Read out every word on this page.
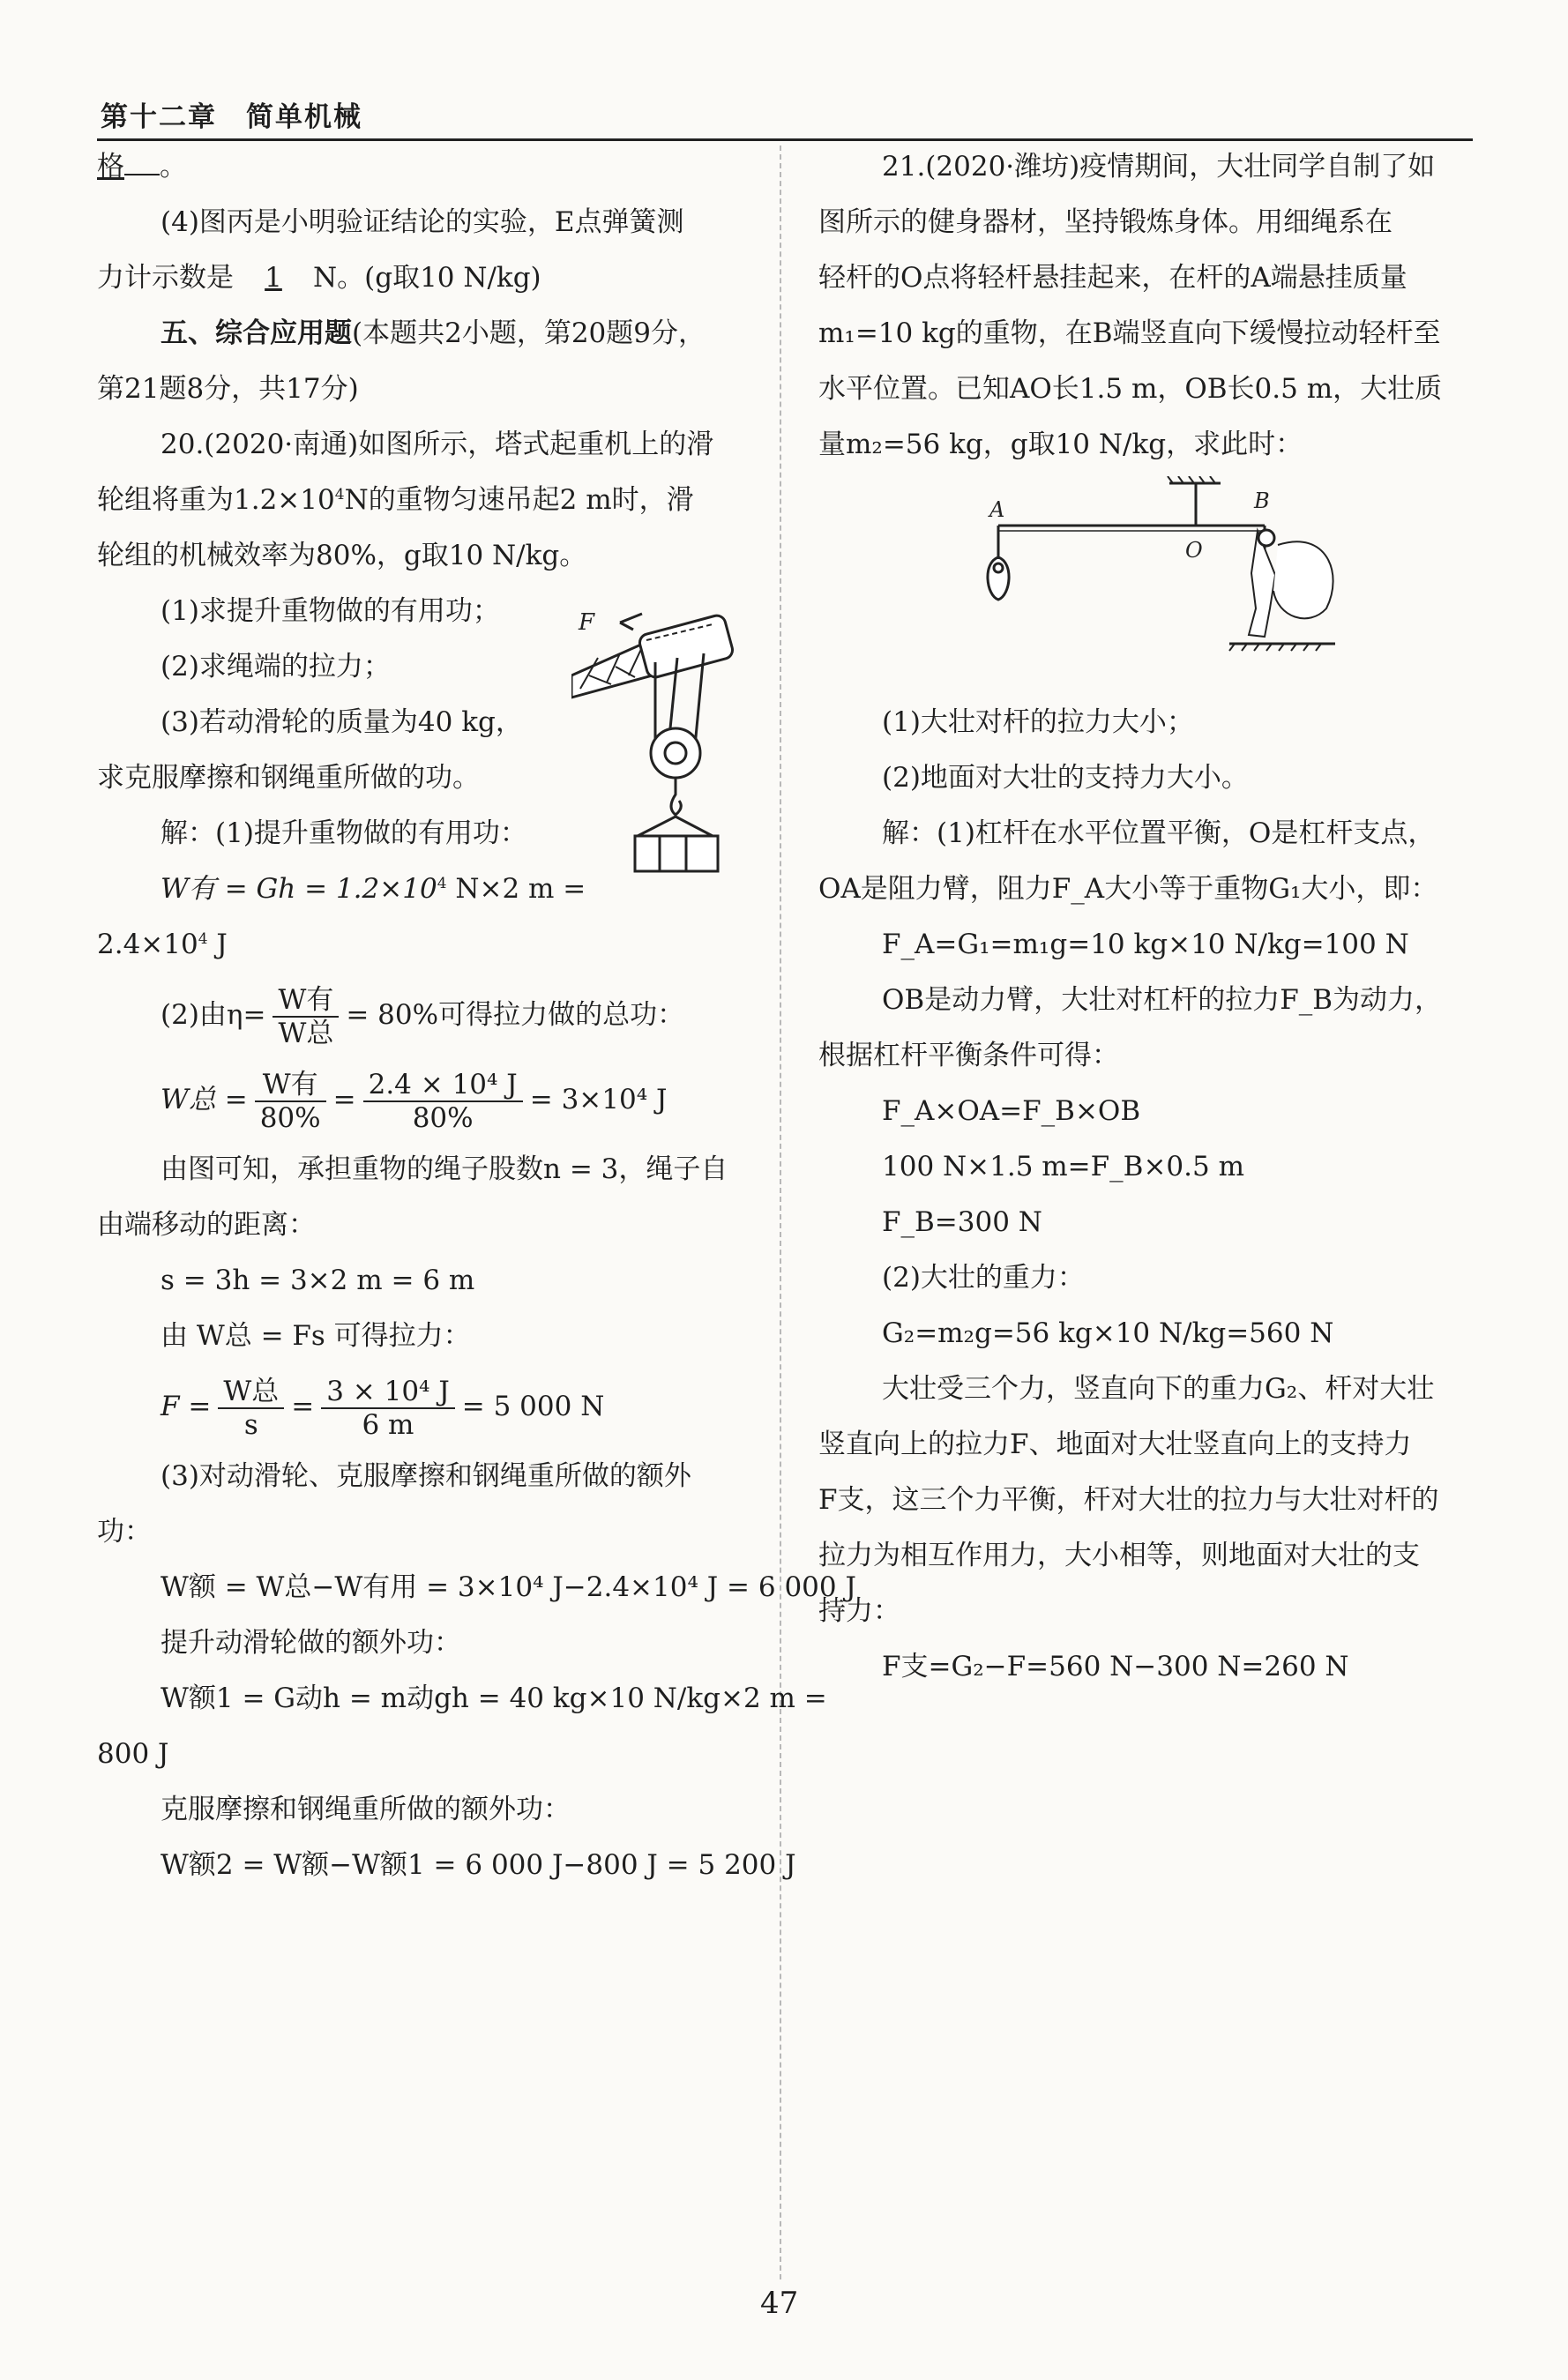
第十二章　简单机械

格 。

(4)图丙是小明验证结论的实验，E点弹簧测

力计示数是 1 N。(g取10 N/kg)

五、综合应用题(本题共2小题，第20题9分，

第21题8分，共17分)

20.(2020·南通)如图所示，塔式起重机上的滑

轮组将重为$1.2\times 10^4N$的重物匀速吊起2 m时，滑

轮组的机械效率为80%，g取10 N/kg。

(1)求提升重物做的有用功；

(2)求绳端的拉力；

(3)若动滑轮的质量为40 kg，

求克服摩擦和钢绳重所做的功。

解：(1)提升重物做的有用功：

W有 = $Gh = 1.2\times 10^4$ N×2 m =

$2.4\times 10^4$ J

(2)由$\eta= \frac{\text{W有}}{\text{W总}} = 80\%$可得拉力做的总功：

W总 = $\frac{\text{W有}}{80\%} = \frac{\text{2.4 × 10⁴ J}}{80\%} = 3\times 10^4$ J

由图可知，承担重物的绳子股数n = 3，绳子自

由端移动的距离：

s = 3h = 3×2 m = 6 m

由 W总 = Fs 可得拉力：

$F = \frac{\text{W总}}{s} = \frac{\text{3 × 10⁴ J}}{6 m} = 5$ 000 N

(3)对动滑轮、克服摩擦和钢绳重所做的额外

功：

W额 = W总−W有用 = 3×10⁴ J−2.4×10⁴ J = 6 000 J

提升动滑轮做的额外功：

W额1 = G动h = m动gh = 40 kg×10 N/kg×2 m =

800 J

克服摩擦和钢绳重所做的额外功：

W额2 = W额−W额1 = 6 000 J−800 J = 5 200 J

F

21.(2020·潍坊)疫情期间，大壮同学自制了如

图所示的健身器材，坚持锻炼身体。用细绳系在

轻杆的O点将轻杆悬挂起来，在杆的A端悬挂质量

m₁=10 kg的重物，在B端竖直向下缓慢拉动轻杆至

水平位置。已知AO长1.5 m，OB长0.5 m，大壮质

量m₂=56 kg，g取10 N/kg，求此时：

(1)大壮对杆的拉力大小；

(2)地面对大壮的支持力大小。

解：(1)杠杆在水平位置平衡，O是杠杆支点，

OA是阻力臂，阻力F_A大小等于重物G₁大小，即：

F_A=G₁=m₁g=10 kg×10 N/kg=100 N

OB是动力臂，大壮对杠杆的拉力F_B为动力，

根据杠杆平衡条件可得：

F_A×OA=F_B×OB

100 N×1.5 m=F_B×0.5 m

F_B=300 N

(2)大壮的重力：

G₂=m₂g=56 kg×10 N/kg=560 N

大壮受三个力，竖直向下的重力G₂、杆对大壮

竖直向上的拉力F、地面对大壮竖直向上的支持力

F支，这三个力平衡，杆对大壮的拉力与大壮对杆的

拉力为相互作用力，大小相等，则地面对大壮的支

持力：

F支=G₂−F=560 N−300 N=260 N

A	B
O
47
